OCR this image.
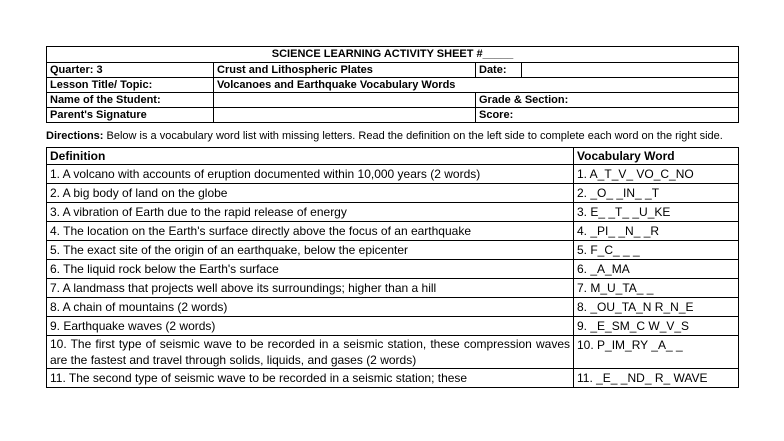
SCIENCE LEARNING ACTIVITY SHEET #_____			
Quarter: 3	Crust and Lithospheric Plates	Date:	
Lesson Title/ Topic:	Volcanoes and Earthquake Vocabulary Words		
Name of the Student:		Grade & Section:	
Parent's Signature		Score:	
Directions: Below is a vocabulary word list with missing letters. Read the definition on the left side to complete each word on the right side.
Definition	Vocabulary Word
1. A volcano with accounts of eruption documented within 10,000 years (2 words)	1. A_T_V_ VO_C_NO
2. A big body of land on the globe	2. _O_ _IN_ _T
3. A vibration of Earth due to the rapid release of energy	3. E_ _T_ _U_KE
4. The location on the Earth's surface directly above the focus of an earthquake	4. _PI_ _N_ _R
5. The exact site of the origin of an earthquake, below the epicenter	5. F_C_ _ _
6. The liquid rock below the Earth's surface	6. _A_MA
7. A landmass that projects well above its surroundings; higher than a hill	7. M_U_TA_ _
8. A chain of mountains (2 words)	8. _OU_TA_N R_N_E
9. Earthquake waves (2 words)	9. _E_SM_C W_V_S
10. The first type of seismic wave to be recorded in a seismic station, these compression waves are the fastest and travel through solids, liquids, and gases (2 words)	10. P_IM_RY _A_ _
11. The second type of seismic wave to be recorded in a seismic station; these	11. _E_ _ND_ R_ WAVE
